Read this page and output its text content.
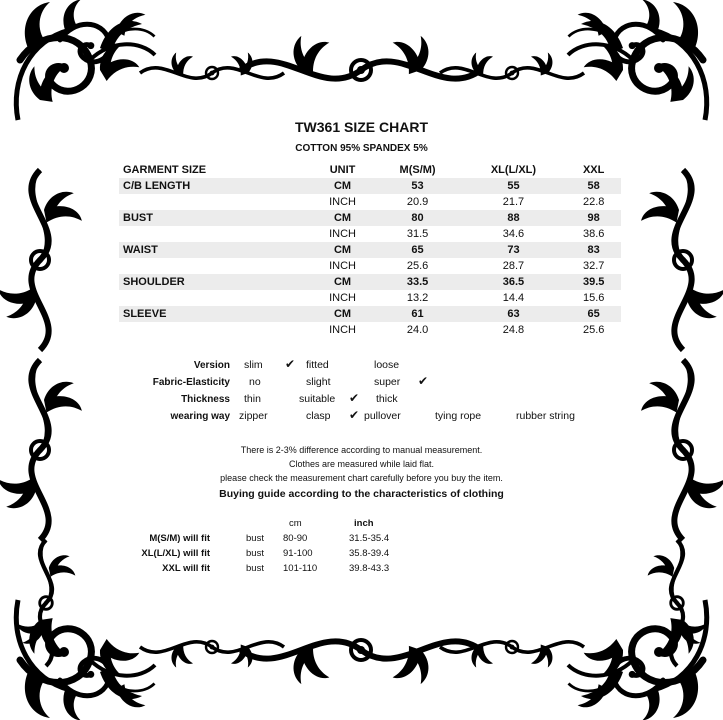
TW361 SIZE CHART
COTTON 95% SPANDEX 5%
GARMENT SIZE	UNIT	M(S/M)	XL(L/XL)	XXL
C/B LENGTH	CM	53	55	58
	INCH	20.9	21.7	22.8
BUST	CM	80	88	98
	INCH	31.5	34.6	38.6
WAIST	CM	65	73	83
	INCH	25.6	28.7	32.7
SHOULDER	CM	33.5	36.5	39.5
	INCH	13.2	14.4	15.6
SLEEVE	CM	61	63	65
	INCH	24.0	24.8	25.6
Version slim ✔ fitted	loose
Fabric-Elasticity no	slight	super ✔
Thickness thin	suitable ✔ thick
wearing way zipper	clasp ✔ pullover	tying rope	rubber string
There is 2-3% difference according to manual measurement.
Clothes are measured while laid flat.
please check the measurement chart carefully before you buy the item.
Buying guide according to the characteristics of clothing
cm	inch
M(S/M) will fit	bust 80-90	31.5-35.4
XL(L/XL) will fit	bust 91-100	35.8-39.4
XXL will fit	bust 101-110	39.8-43.3
